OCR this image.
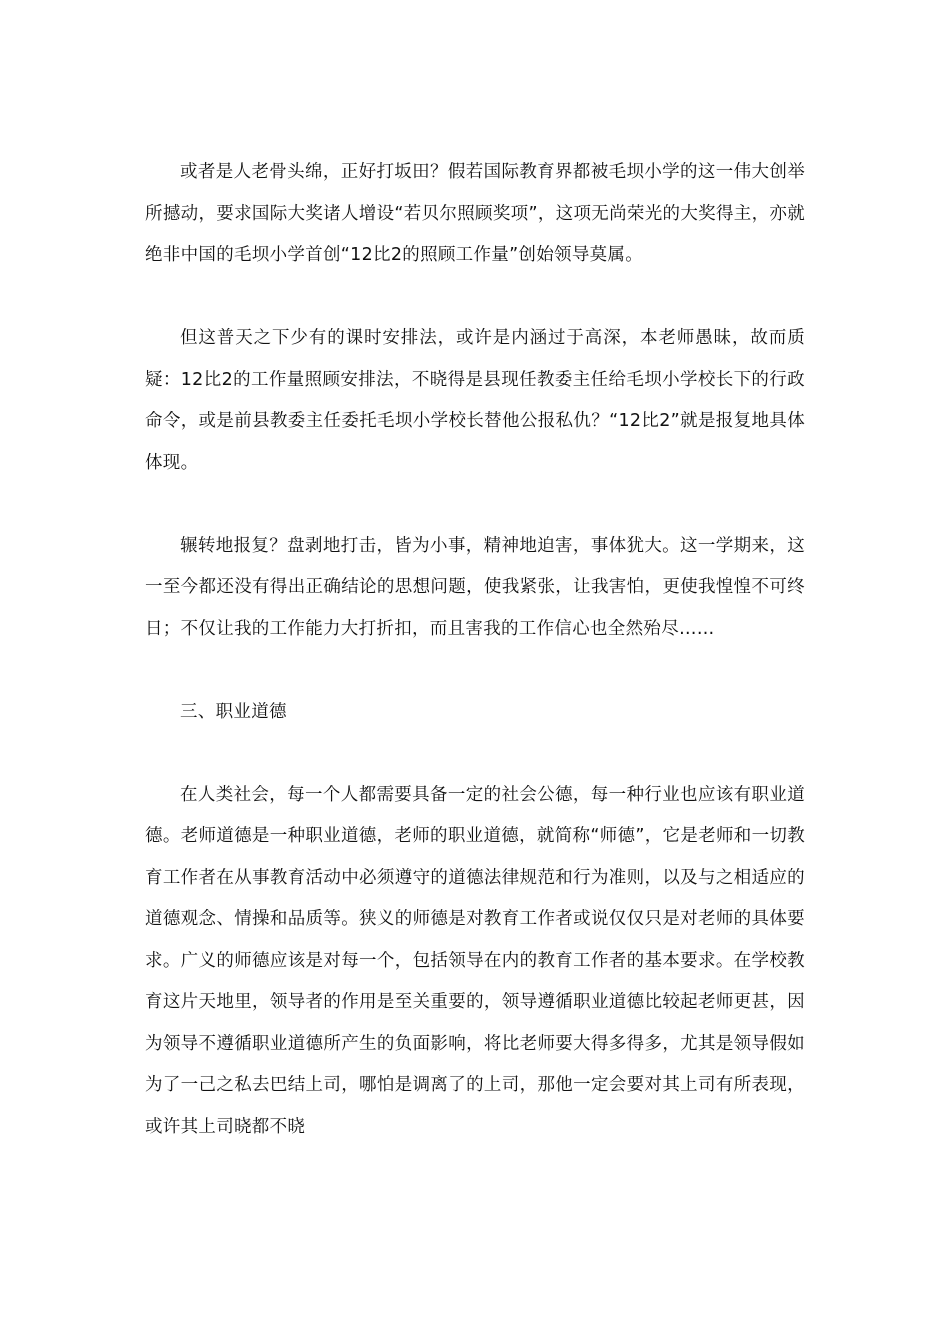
或者是人老骨头绵，正好打坂田？假若国际教育界都被毛坝小学的这一伟大创举所撼动，要求国际大奖诸人增设“若贝尔照顾奖项”，这项无尚荣光的大奖得主，亦就绝非中国的毛坝小学首创“12比2的照顾工作量”创始领导莫属。

但这普天之下少有的课时安排法，或许是内涵过于高深，本老师愚昧，故而质疑：12比2的工作量照顾安排法，不晓得是县现任教委主任给毛坝小学校长下的行政命令，或是前县教委主任委托毛坝小学校长替他公报私仇？“12比2”就是报复地具体体现。

辗转地报复？盘剥地打击，皆为小事，精神地迫害，事体犹大。这一学期来，这一至今都还没有得出正确结论的思想问题，使我紧张，让我害怕，更使我惶惶不可终日；不仅让我的工作能力大打折扣，而且害我的工作信心也全然殆尽……

三、职业道德

在人类社会，每一个人都需要具备一定的社会公德，每一种行业也应该有职业道德。老师道德是一种职业道德，老师的职业道德，就简称“师德”，它是老师和一切教育工作者在从事教育活动中必须遵守的道德法律规范和行为准则，以及与之相适应的道德观念、情操和品质等。狭义的师德是对教育工作者或说仅仅只是对老师的具体要求。广义的师德应该是对每一个，包括领导在内的教育工作者的基本要求。在学校教育这片天地里，领导者的作用是至关重要的，领导遵循职业道德比较起老师更甚，因为领导不遵循职业道德所产生的负面影响，将比老师要大得多得多，尤其是领导假如为了一己之私去巴结上司，哪怕是调离了的上司，那他一定会要对其上司有所表现，或许其上司晓都不晓
